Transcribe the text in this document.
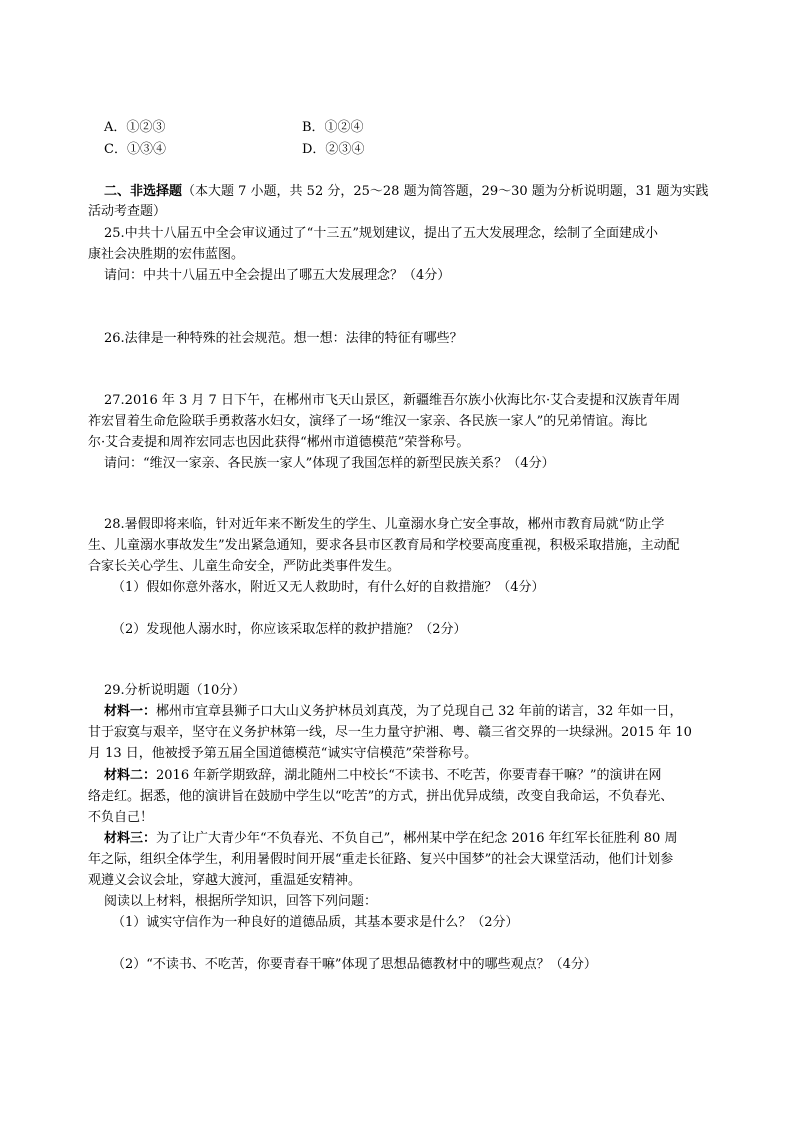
A．①②③	B．①②④
C．①③④	D．②③④
二、非选择题（本大题 7 小题，共 52 分，25～28 题为简答题，29～30 题为分析说明题，31 题为实践
活动考查题）
25.中共十八届五中全会审议通过了“十三五”规划建议，提出了五大发展理念，绘制了全面建成小
康社会决胜期的宏伟蓝图。
请问：中共十八届五中全会提出了哪五大发展理念？（4分）
26.法律是一种特殊的社会规范。想一想：法律的特征有哪些？
27.2016 年 3 月 7 日下午，在郴州市飞天山景区，新疆维吾尔族小伙海比尔·艾合麦提和汉族青年周
祚宏冒着生命危险联手勇救落水妇女，演绎了一场“维汉一家亲、各民族一家人”的兄弟情谊。海比
尔·艾合麦提和周祚宏同志也因此获得“郴州市道德模范”荣誉称号。
请问：“维汉一家亲、各民族一家人”体现了我国怎样的新型民族关系？（4分）
28.暑假即将来临，针对近年来不断发生的学生、儿童溺水身亡安全事故，郴州市教育局就“防止学
生、儿童溺水事故发生”发出紧急通知，要求各县市区教育局和学校要高度重视，积极采取措施，主动配
合家长关心学生、儿童生命安全，严防此类事件发生。
（1）假如你意外落水，附近又无人救助时，有什么好的自救措施？（4分）
（2）发现他人溺水时，你应该采取怎样的救护措施？（2分）
29.分析说明题（10分）
材料一：郴州市宜章县狮子口大山义务护林员刘真茂，为了兑现自己 32 年前的诺言，32 年如一日，
甘于寂寞与艰辛，坚守在义务护林第一线，尽一生力量守护湘、粤、赣三省交界的一块绿洲。2015 年 10
月 13 日，他被授予第五届全国道德模范“诚实守信模范”荣誉称号。
材料二：2016 年新学期致辞，湖北随州二中校长“不读书、不吃苦，你要青春干嘛？”的演讲在网
络走红。据悉，他的演讲旨在鼓励中学生以“吃苦”的方式，拼出优异成绩，改变自我命运，不负春光、
不负自己！
材料三：为了让广大青少年“不负春光、不负自己”，郴州某中学在纪念 2016 年红军长征胜利 80 周
年之际，组织全体学生，利用暑假时间开展“重走长征路、复兴中国梦”的社会大课堂活动，他们计划参
观遵义会议会址，穿越大渡河，重温延安精神。
阅读以上材料，根据所学知识，回答下列问题：
（1）诚实守信作为一种良好的道德品质，其基本要求是什么？（2分）
（2）“不读书、不吃苦，你要青春干嘛”体现了思想品德教材中的哪些观点？（4分）
